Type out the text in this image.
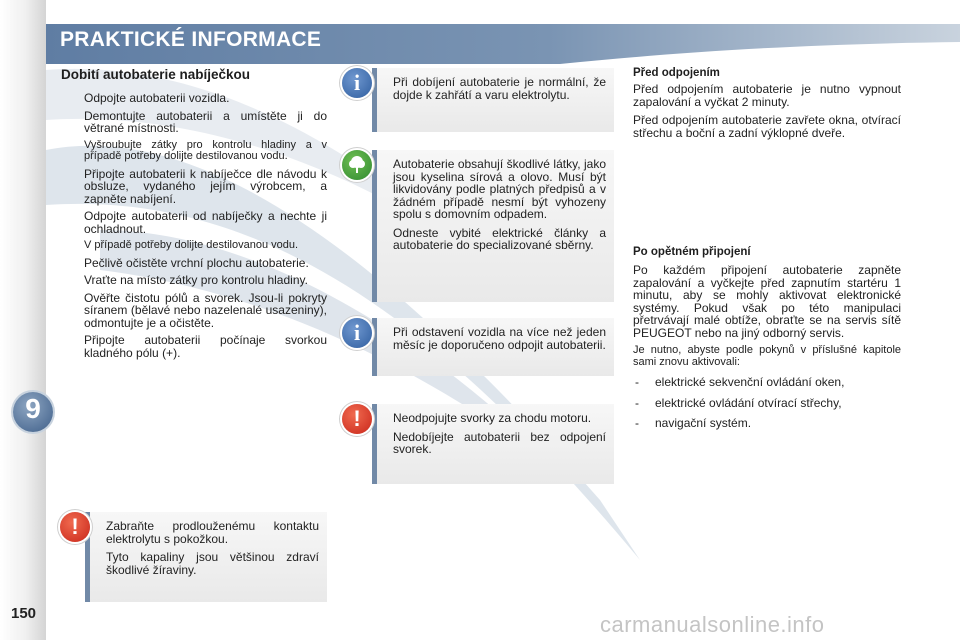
PRAKTICKÉ INFORMACE
9
150
Dobití autobaterie nabíječkou
Odpojte autobaterii vozidla.
Demontujte autobaterii a umístěte ji do větrané místnosti.
Vyšroubujte zátky pro kontrolu hladiny a v případě potřeby dolijte destilovanou vodu.
Připojte autobaterii k nabíječce dle návodu k obsluze, vydaného jejím výrobcem, a zapněte nabíjení.
Odpojte autobaterii od nabíječky a nechte ji ochladnout.
V případě potřeby dolijte destilovanou vodu.
Pečlivě očistěte vrchní plochu autobaterie.
Vraťte na místo zátky pro kontrolu hladiny.
Ověřte čistotu pólů a svorek. Jsou-li pokryty síranem (bělavé nebo nazelenalé usazeniny), odmontujte je a očistěte.
Připojte autobaterii počínaje svorkou kladného pólu (+).

Zabraňte prodlouženému kontaktu elektrolytu s pokožkou.

Tyto kapaliny jsou většinou zdraví škodlivé žíraviny.

!

Při dobíjení autobaterie je normální, že dojde k zahřátí a varu elektrolytu.

i

Autobaterie obsahují škodlivé látky, jako jsou kyselina sírová a olovo. Musí být likvidovány podle platných předpisů a v žádném případě nesmí být vyhozeny spolu s domovním odpadem.

Odneste vybité elektrické články a autobaterie do specializované sběrny.

Při odstavení vozidla na více než jeden měsíc je doporučeno odpojit autobaterii.

i

Neodpojujte svorky za chodu motoru.

Nedobíjejte autobaterii bez odpojení svorek.

!
Před odpojením

Před odpojením autobaterie je nutno vypnout zapalování a vyčkat 2 minuty.

Před odpojením autobaterie zavřete okna, otvírací střechu a boční a zadní výklopné dveře.

Po opětném připojení

Po každém připojení autobaterie zapněte zapalování a vyčkejte před zapnutím startéru 1 minutu, aby se mohly aktivovat elektronické systémy. Pokud však po této manipulaci přetrvávají malé obtíže, obraťte se na servis sítě PEUGEOT nebo na jiný odborný servis.

Je nutno, abyste podle pokynů v příslušné kapitole sami znovu aktivovali:

- elektrické sekvenční ovládání oken,
- elektrické ovládání otvírací střechy,
- navigační systém.
carmanualsonline.info
